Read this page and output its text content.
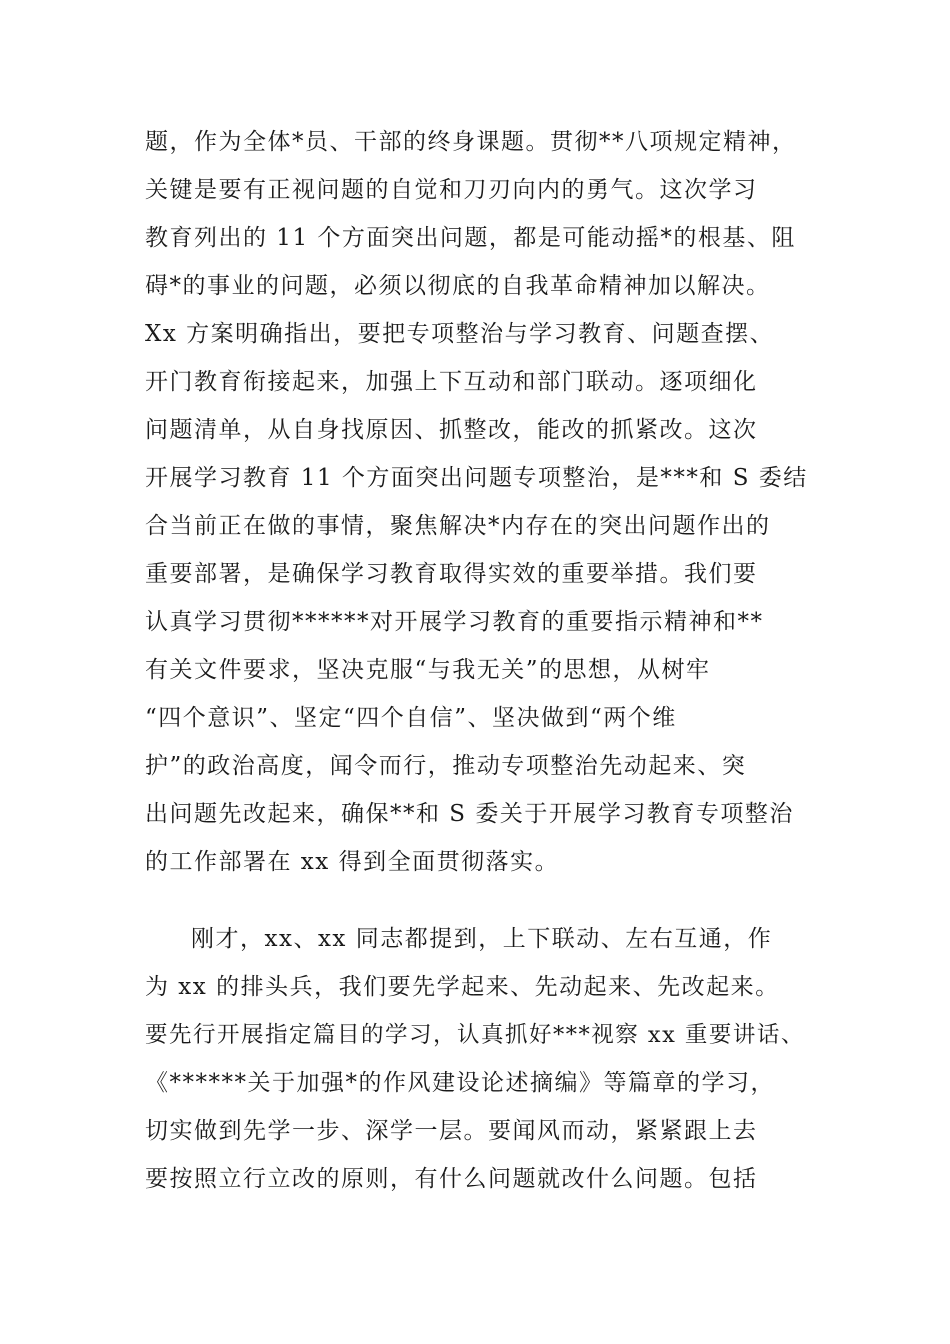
题，作为全体*员、干部的终身课题。贯彻**八项规定精神，
关键是要有正视问题的自觉和刀刃向内的勇气。这次学习
教育列出的 11 个方面突出问题，都是可能动摇*的根基、阻
碍*的事业的问题，必须以彻底的自我革命精神加以解决。
Xx 方案明确指出，要把专项整治与学习教育、问题查摆、
开门教育衔接起来，加强上下互动和部门联动。逐项细化
问题清单，从自身找原因、抓整改，能改的抓紧改。这次
开展学习教育 11 个方面突出问题专项整治，是***和 S 委结
合当前正在做的事情，聚焦解决*内存在的突出问题作出的
重要部署，是确保学习教育取得实效的重要举措。我们要
认真学习贯彻******对开展学习教育的重要指示精神和**
有关文件要求，坚决克服“与我无关”的思想，从树牢
“四个意识”、坚定“四个自信”、坚决做到“两个维
护”的政治高度，闻令而行，推动专项整治先动起来、突
出问题先改起来，确保**和 S 委关于开展学习教育专项整治
的工作部署在 xx 得到全面贯彻落实。
刚才，xx、xx 同志都提到，上下联动、左右互通，作
为 xx 的排头兵，我们要先学起来、先动起来、先改起来。
要先行开展指定篇目的学习，认真抓好***视察 xx 重要讲话、
《******关于加强*的作风建设论述摘编》等篇章的学习，
切实做到先学一步、深学一层。要闻风而动，紧紧跟上去
要按照立行立改的原则，有什么问题就改什么问题。包括
